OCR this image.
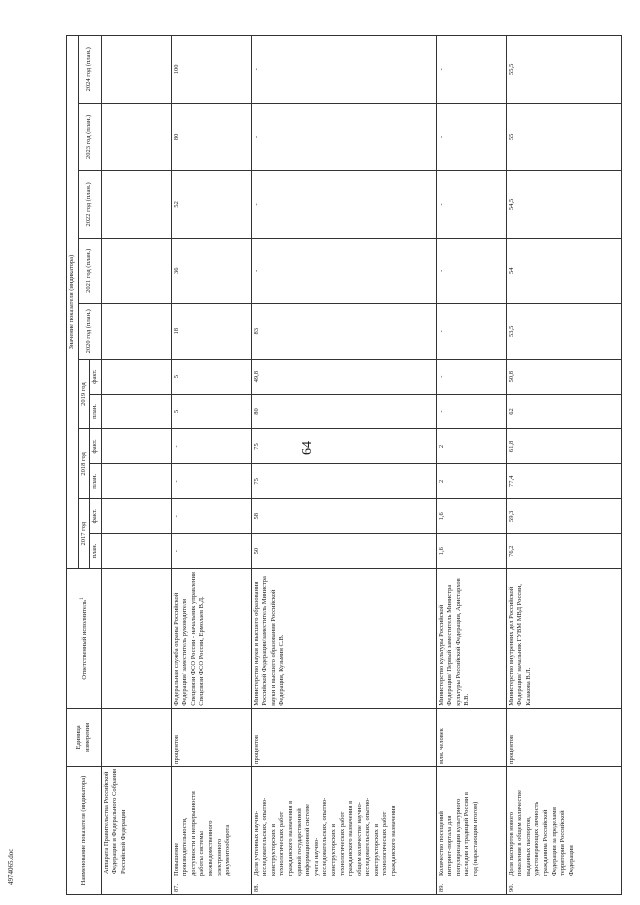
64
4974065.doc	Наименование показателя (индикатора)	Единица измерения	Ответственный исполнитель$^1$	Значение показателя (индикатора)										
			2017 год		2018 год		2019 год		2020 год (план.)	2021 год (план.)	2022 год (план.)	2023 год (план.)	2024 год (план.)
			план.	факт.	план.	факт.	план.	факт.					
Аппарата Правительства Российской Федерации и Федерального Собрания Российской Федерации													
87.Повышение производительности, доступности и непрерывности работы системы межведомственного электронного документооборота	процентов	Федеральная служба охраны Российской Федерации/ заместитель руководителя Спецсвязи ФСО России - начальник управления Спецсвязи ФСО России, Ермолаев В.Д.	-	-	-	-	5	5	18	36	52	80	100
88.Доля учтенных научно-исследовательских, опытно-конструкторских и технологических работ гражданского назначения в единой государственной информационной системе учета научно-исследовательских, опытно-конструкторских и технологических работ гражданского назначения в общем количестве научно-исследовательских, опытно-конструкторских и технологических работ гражданского назначения	процентов	Министерство науки и высшего образования Российской Федерации/заместитель Министра науки и высшего образования Российской Федерации, Кузьмин С.В.	50	58	75	75	80	49,8	83	-	-	-	-
89.Количество посещений интернет-портала для популяризации культурного наследия и традиций России в год (нарастающим итогом)	млн. человек	Министерство культуры Российской Федерации/ Первый заместитель Министра культуры Российской Федерации, Аристархов В.В.	1,6	1,6	2	2	-	-	-	-	-	-	-
90.Доля паспортов нового поколения в общем количестве выданных паспортов, удостоверяющих личность гражданина Российской Федерации за пределами территории Российской Федерации	процентов	Министерство внутренних дел Российской Федерации/ начальник ГУВМ МВД России, Казакова В.Л.	76,2	59,3	77,4	61,8	62	50,8	53,5	54	54,5	55	55,5
